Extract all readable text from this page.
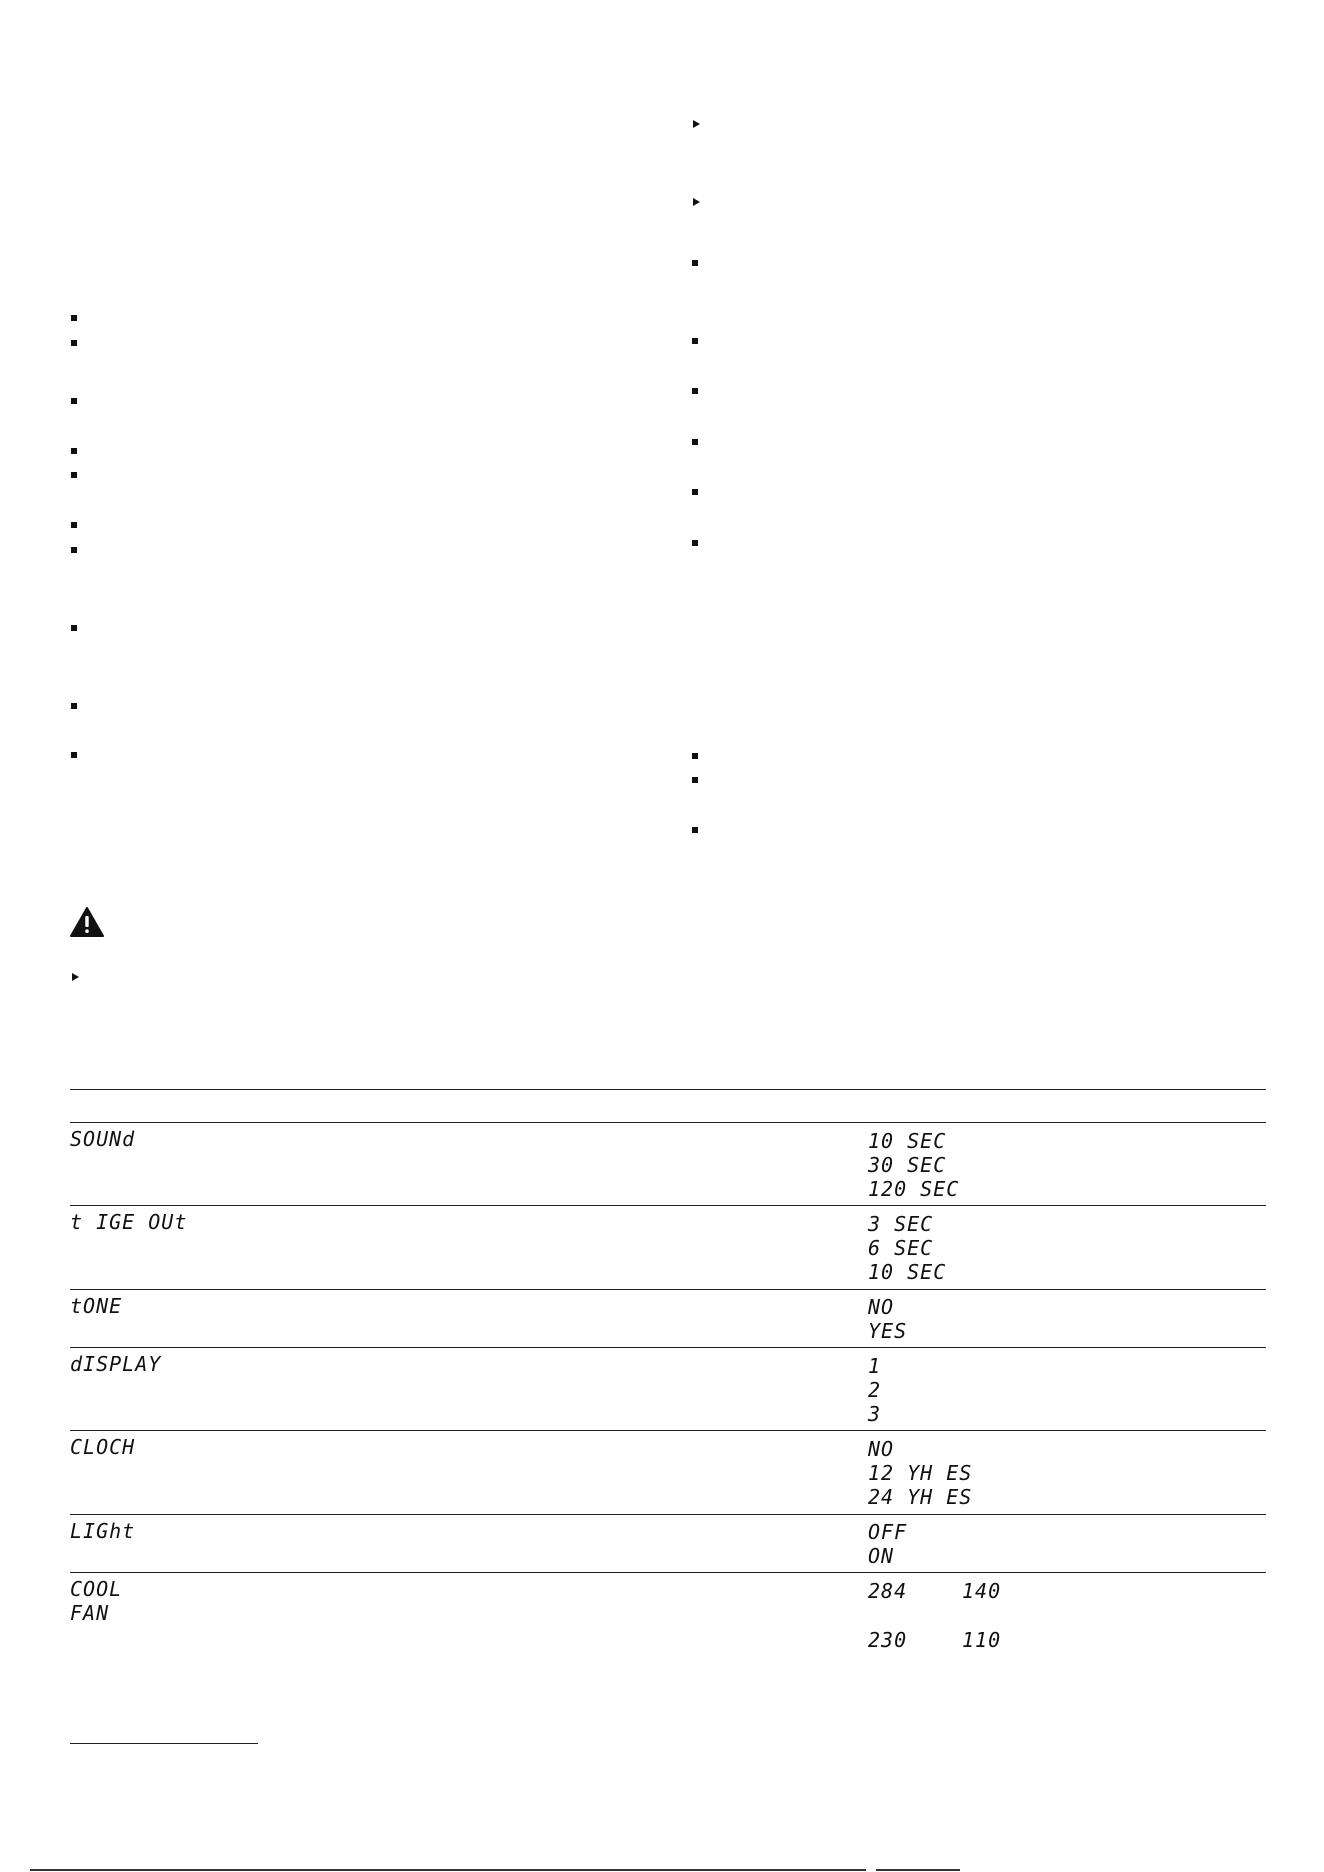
SOUNd	10 SEC
30 SEC
120 SEC
t IGE OUt	3 SEC
6 SEC
10 SEC
tONE	NO
YES
dISPLAY	1
2
3
CLOCH	NO
12 YH ES
24 YH ES
LIGht	OFF
ON
COOL
FAN
284	140
230	110
